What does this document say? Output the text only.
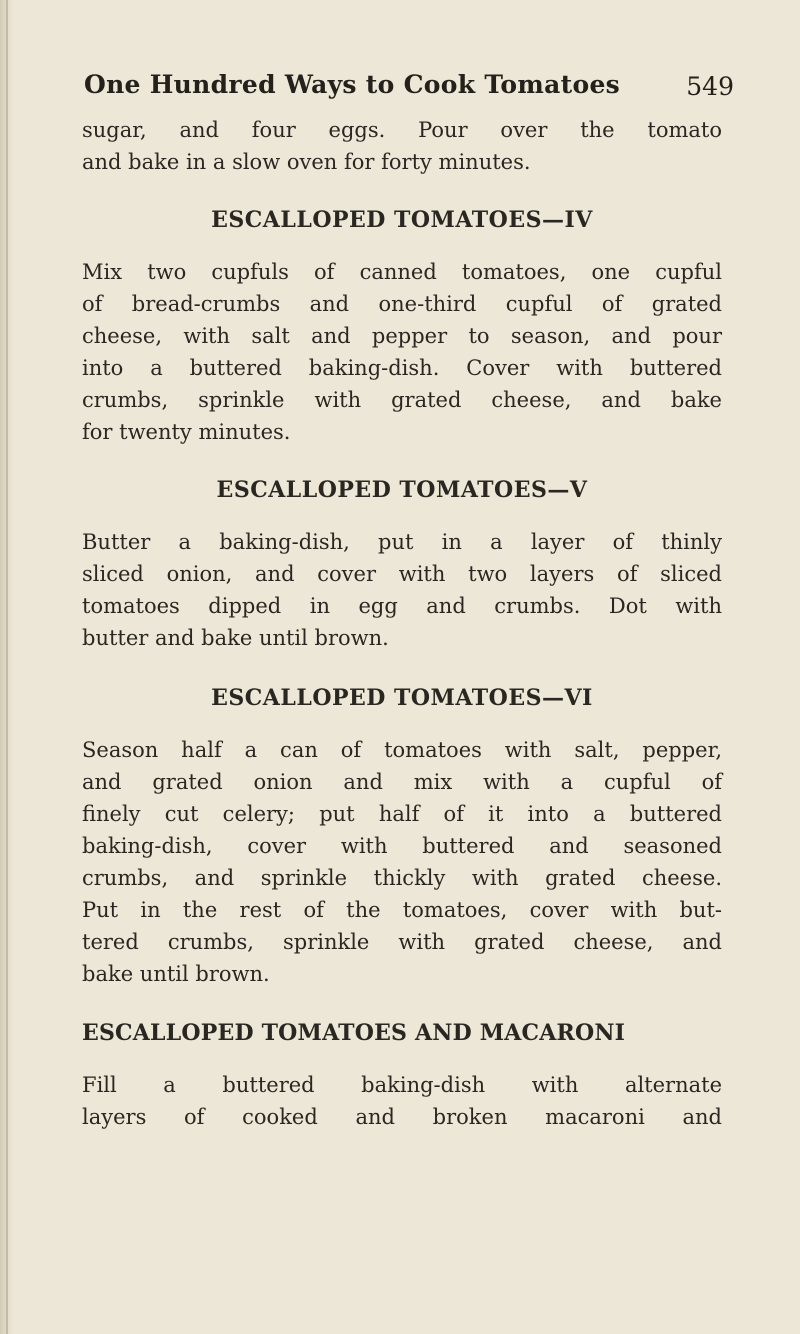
One Hundred Ways to Cook Tomatoes	549

sugar, and four eggs. Pour over the tomato
and bake in a slow oven for forty minutes.

ESCALLOPED TOMATOES—IV

Mix two cupfuls of canned tomatoes, one cupful
of bread-crumbs and one-third cupful of grated
cheese, with salt and pepper to season, and pour
into a buttered baking-dish. Cover with buttered
crumbs, sprinkle with grated cheese, and bake
for twenty minutes.

ESCALLOPED TOMATOES—V

Butter a baking-dish, put in a layer of thinly
sliced onion, and cover with two layers of sliced
tomatoes dipped in egg and crumbs. Dot with
butter and bake until brown.

ESCALLOPED TOMATOES—VI

Season half a can of tomatoes with salt, pepper,
and grated onion and mix with a cupful of
finely cut celery; put half of it into a buttered
baking-dish, cover with buttered and seasoned
crumbs, and sprinkle thickly with grated cheese.
Put in the rest of the tomatoes, cover with but-
tered crumbs, sprinkle with grated cheese, and
bake until brown.

ESCALLOPED TOMATOES AND MACARONI

Fill a buttered baking-dish with alternate
layers of cooked and broken macaroni and
